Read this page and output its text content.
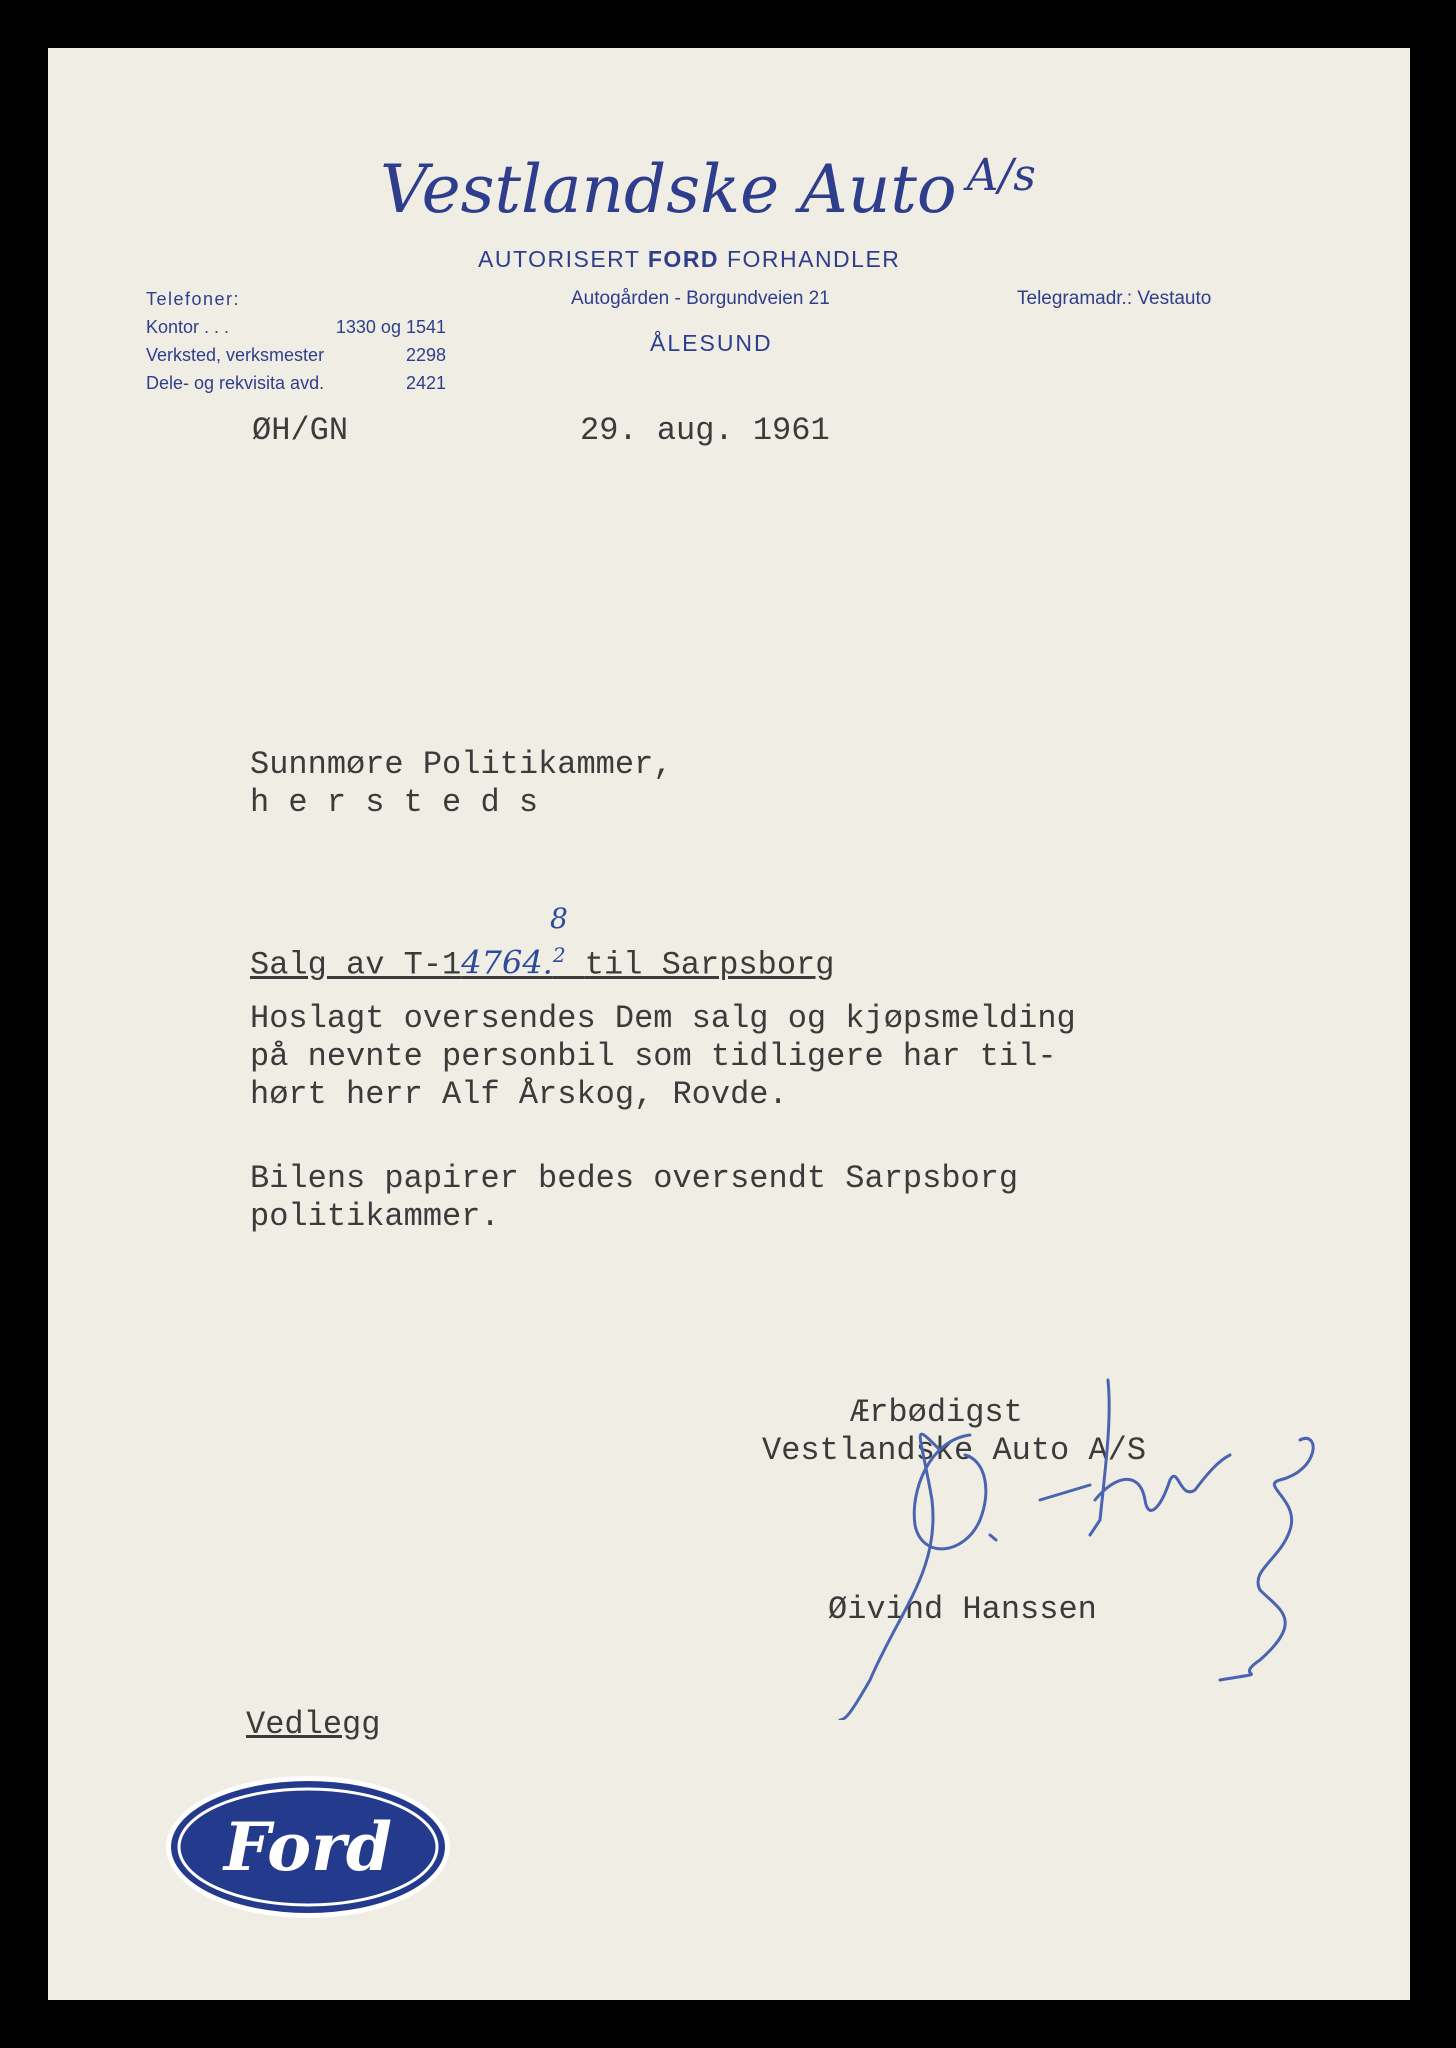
Vestlandske Auto $^{A/s}$
AUTORISERT FORD FORHANDLER
Autogården - Borgundveien 21
ÅLESUND
Telefoner:
Kontor . . .	1330 og 1541
Verksted, verksmester	2298
Dele- og rekvisita avd.	2421
Telegramadr.: Vestauto
ØH/GN	29. aug. 1961
Sunnmøre Politikammer,
h e r s t e d s
8
Salg av T-14764.$^2$ til Sarpsborg
Hoslagt oversendes Dem salg og kjøpsmelding
på nevnte personbil som tidligere har til-
hørt herr Alf Årskog, Rovde.
Bilens papirer bedes oversendt Sarpsborg
politikammer.
Ærbødigst
Vestlandske Auto A/S
Øivind Hanssen
Vedlegg
Ford
